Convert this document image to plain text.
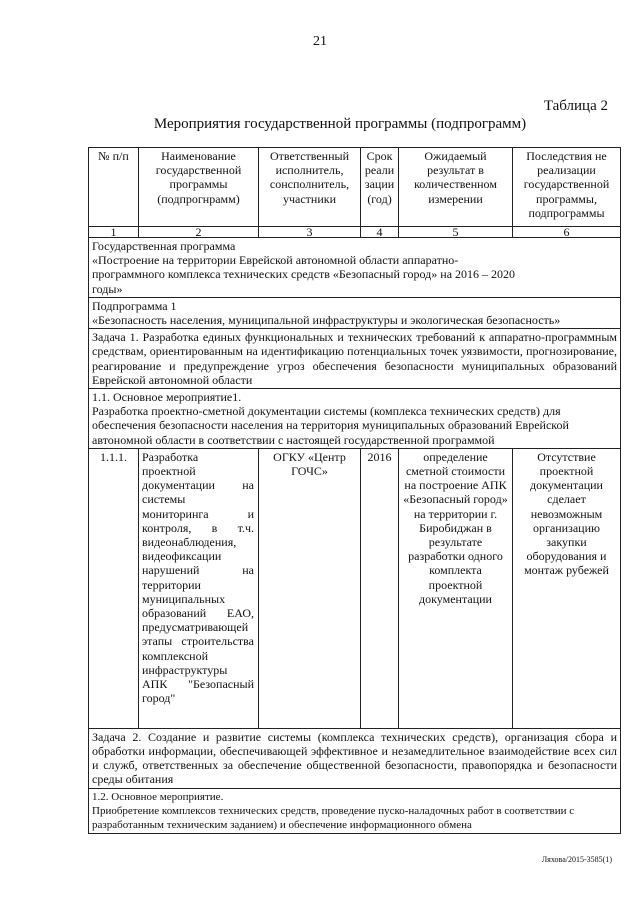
21
Таблица 2
Мероприятия государственной программы (подпрограмм)
№ п/п	Наименование государственной программы (подпрогнрамм)	Ответственный исполнитель, сонсполнитель, участники	Срок реали зации (год)	Ожидаемый результат в количественном измерении	Последствия не реализации государственной программы, подпрограммы
1	2	3	4	5	6

Государственная программа
«Построение на территории Еврейской автономной области аппаратно-программного комплекса технических средств «Безопасный город» на 2016 – 2020 годы»					

Подпрограмма 1
«Безопасность населения, муниципальной инфраструктуры и экологическая безопасность»					

Задача 1. Разработка единых функциональных и технических требований к аппаратно-программным средствам, ориентированным на идентификацию потенциальных точек уязвимости, прогнозирование, реагирование и предупреждение угроз обеспечения безопасности муниципальных образований Еврейской автономной области					

1.1. Основное мероприятие1.
Разработка проектно-сметной документации системы (комплекса технических средств) для обеспечения безопасности населения на территория муниципальных образований Еврейской автономной области в соответствии с настоящей государственной программой					

1.1.1.	Разработка проектной документации на системы мониторинга и контроля, в т.ч. видеонаблюдения, видеофиксации нарушений на территории муниципальных образований ЕАО, предусматривающей этапы строительства комплексной инфраструктуры АПК "Безопасный город"	ОГКУ «Центр ГОЧС»	2016	определение сметной стоимости на построение АПК «Безопасный город» на территории г. Биробиджан в результате разработки одного комплекта проектной документации	Отсутствие проектной документации сделает невозможным организацию закупки оборудования и монтаж рубежей
Задача 2. Создание и развитие системы (комплекса технических средств), организация сбора и обработки информации, обеспечивающей эффективное и незамедлительное взаимодействие всех сил и служб, ответственных за обеспечение общественной безопасности, правопорядка и безопасности среды обитания					

1.2. Основное мероприятие.
Приобретение комплексов технических средств, проведение пуско-наладочных работ в соответствии с разработанным техническим заданием) и обеспечение информационного обмена					
Ляхова/2015-3585(1)
